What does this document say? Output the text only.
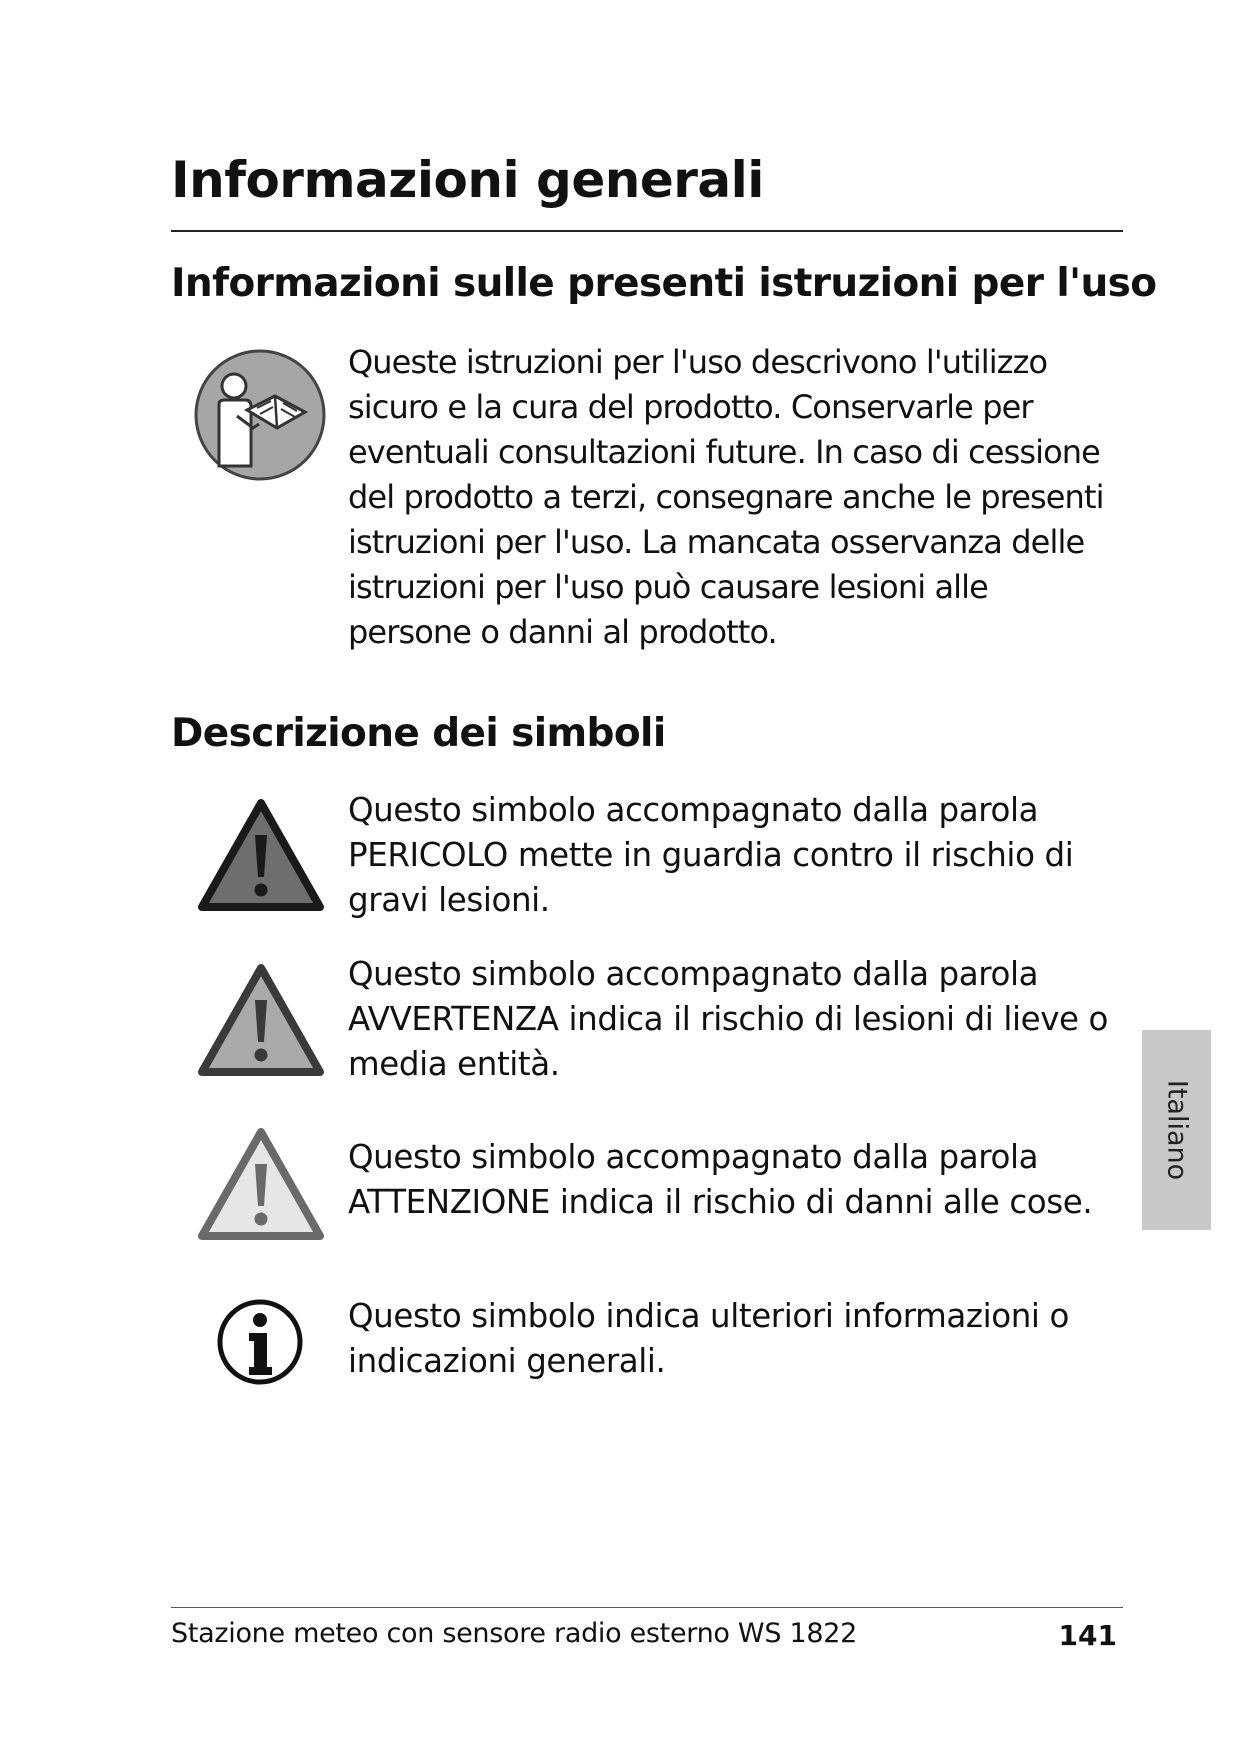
Informazioni generali
Informazioni sulle presenti istruzioni per l'uso

Queste istruzioni per l'uso descrivono l'utilizzo sicuro e la cura del prodotto. Conservarle per eventuali consultazioni future. In caso di cessione del prodotto a terzi, consegnare anche le presenti istruzioni per l'uso. La mancata osservanza delle istruzioni per l'uso può causare lesioni alle persone o danni al prodotto.

Descrizione dei simboli

Questo simbolo accompagnato dalla parola PERICOLO mette in guardia contro il rischio di gravi lesioni.

Questo simbolo accompagnato dalla parola AVVERTENZA indica il rischio di lesioni di lieve o media entità.

Questo simbolo accompagnato dalla parola ATTENZIONE indica il rischio di danni alle cose.

Questo simbolo indica ulteriori informazioni o indicazioni generali.

Italiano

Stazione meteo con sensore radio esterno WS 1822	141
